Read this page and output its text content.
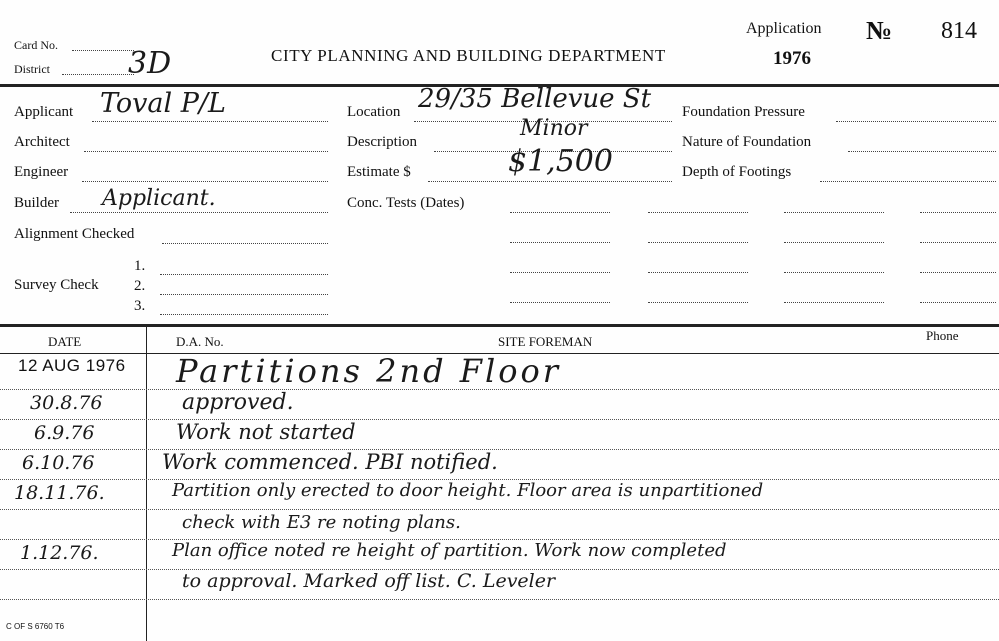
Card No.
District	3D	CITY PLANNING AND BUILDING DEPARTMENT
Application
1976
№ 814
Applicant Toval P/L
Architect
Engineer
Builder Applicant.
Alignment Checked
Survey Check
1.
2.
3.
Location 29/35 Bellevue St
Description
Minor
Estimate $	$1,500
Conc. Tests (Dates)
Foundation Pressure
Nature of Foundation
Depth of Footings
DATE	D.A. No.	SITE FOREMAN	Phone
12 AUG 1976 Partitions 2nd Floor
30.8.76	approved.
6.9.76	Work not started
6.10.76	Work commenced. PBI notified.
18.11.76.	Partition only erected to door height. Floor area is unpartitioned
check with E3 re noting plans.
1.12.76.	Plan office noted re height of partition. Work now completed
to approval. Marked off list. C. Leveler
C OF S 6760 T6
